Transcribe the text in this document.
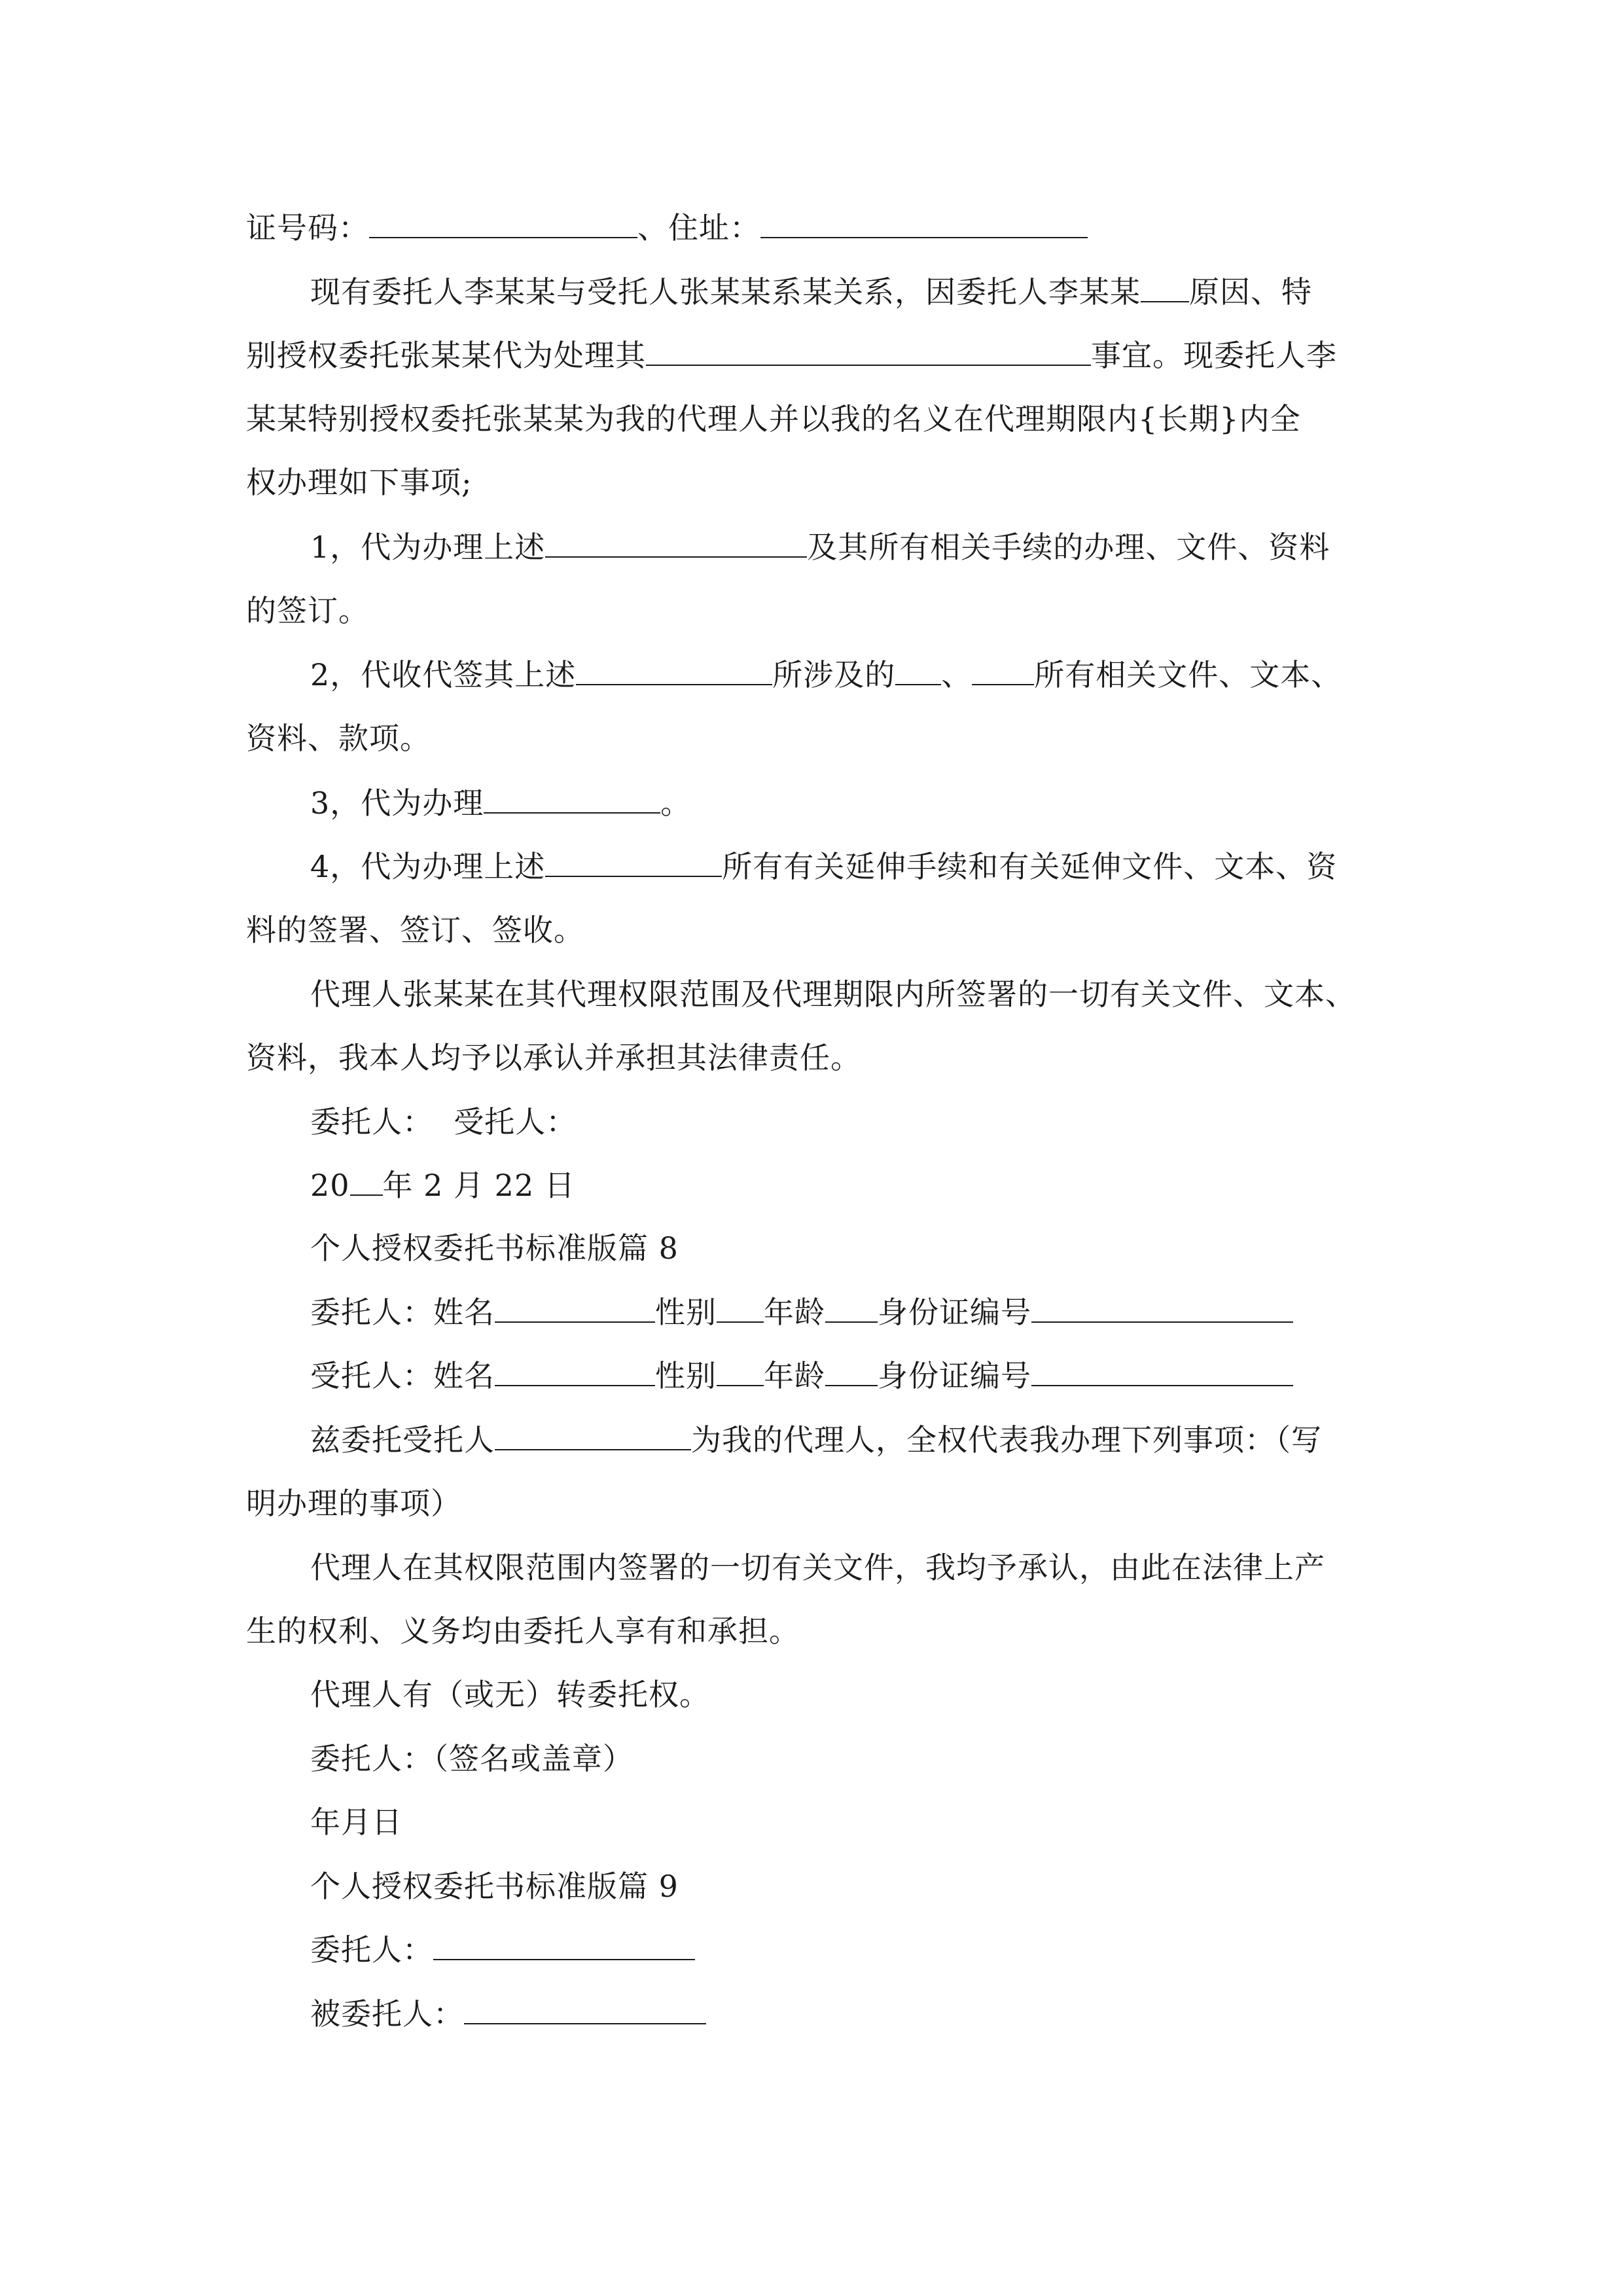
证号码：	、住址：
现有委托人李某某与受托人张某某系某关系，因委托人李某某 原因、特
别授权委托张某某代为处理其	事宜。现委托人李
某某特别授权委托张某某为我的代理人并以我的名义在代理期限内{长期}内全
权办理如下事项;
1，代为办理上述	及其所有相关手续的办理、文件、资料
的签订。
2，代收代签其上述	所涉及的 、 所有相关文件、文本、
资料、款项。
3，代为办理	。
4，代为办理上述	所有有关延伸手续和有关延伸文件、文本、资
料的签署、签订、签收。
代理人张某某在其代理权限范围及代理期限内所签署的一切有关文件、文本、
资料，我本人均予以承认并承担其法律责任。
委托人：  受托人：
20 年 2 月 22 日
个人授权委托书标准版篇 8
委托人：姓名	性别 年龄 身份证编号
受托人：姓名	性别 年龄 身份证编号
兹委托受托人	为我的代理人，全权代表我办理下列事项：（写
明办理的事项）
代理人在其权限范围内签署的一切有关文件，我均予承认，由此在法律上产
生的权利、义务均由委托人享有和承担。
代理人有（或无）转委托权。
委托人：（签名或盖章）
年月日
个人授权委托书标准版篇 9
委托人：
被委托人：
